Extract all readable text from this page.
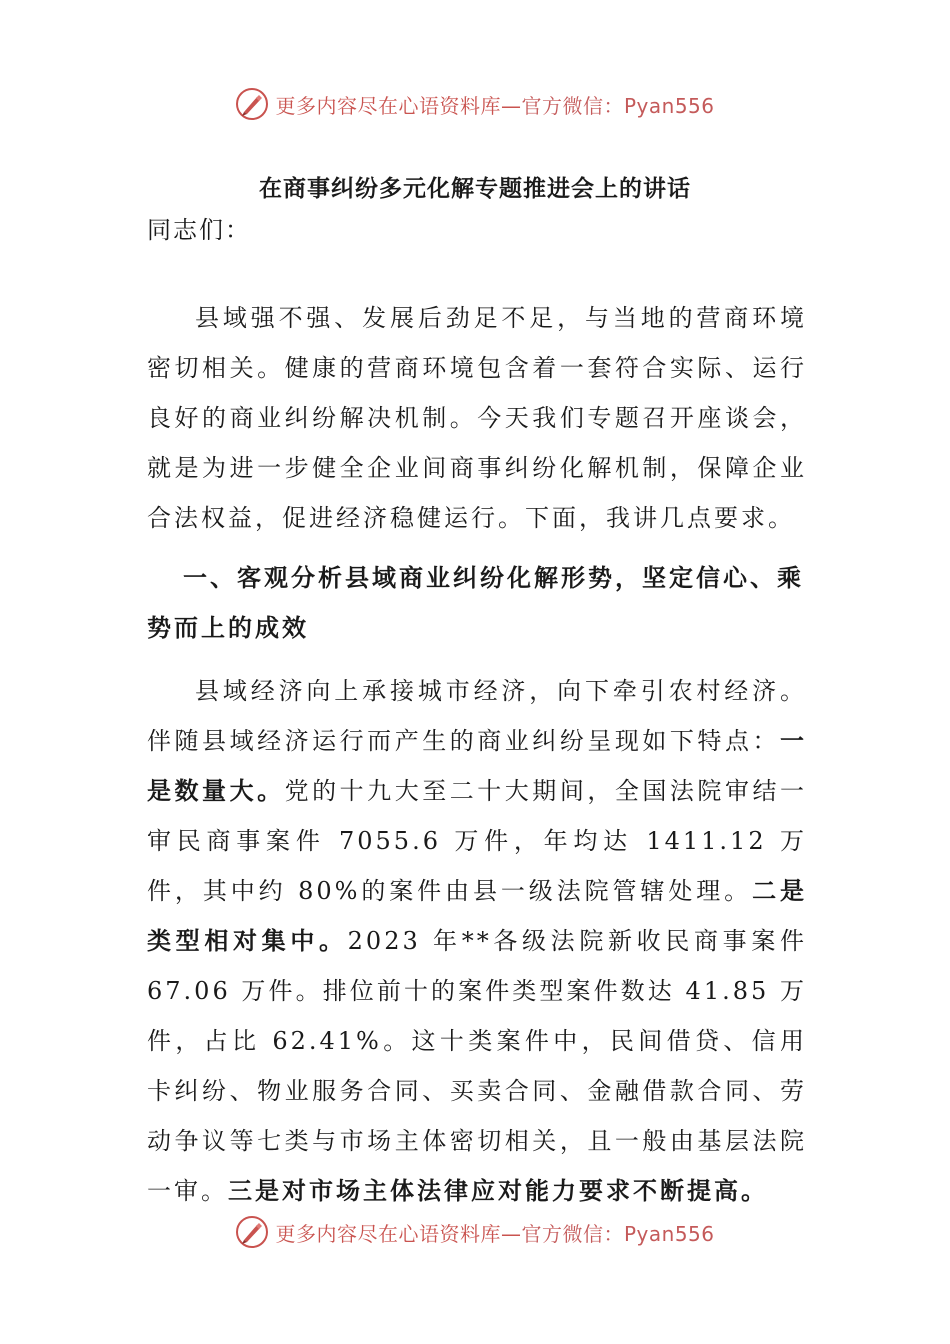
更多内容尽在心语资料库—官方微信：Pyan556
在商事纠纷多元化解专题推进会上的讲话
同志们：
县域强不强、发展后劲足不足，与当地的营商环境密切相关。健康的营商环境包含着一套符合实际、运行良好的商业纠纷解决机制。今天我们专题召开座谈会，就是为进一步健全企业间商事纠纷化解机制，保障企业合法权益，促进经济稳健运行。下面，我讲几点要求。
一、客观分析县域商业纠纷化解形势，坚定信心、乘势而上的成效
县域经济向上承接城市经济，向下牵引农村经济。伴随县域经济运行而产生的商业纠纷呈现如下特点：一是数量大。党的十九大至二十大期间，全国法院审结一审民商事案件 7055.6 万件，年均达 1411.12 万件，其中约 80%的案件由县一级法院管辖处理。二是类型相对集中。2023 年**各级法院新收民商事案件 67.06 万件。排位前十的案件类型案件数达 41.85 万件，占比 62.41%。这十类案件中，民间借贷、信用卡纠纷、物业服务合同、买卖合同、金融借款合同、劳动争议等七类与市场主体密切相关，且一般由基层法院一审。三是对市场主体法律应对能力要求不断提高。
更多内容尽在心语资料库—官方微信：Pyan556
